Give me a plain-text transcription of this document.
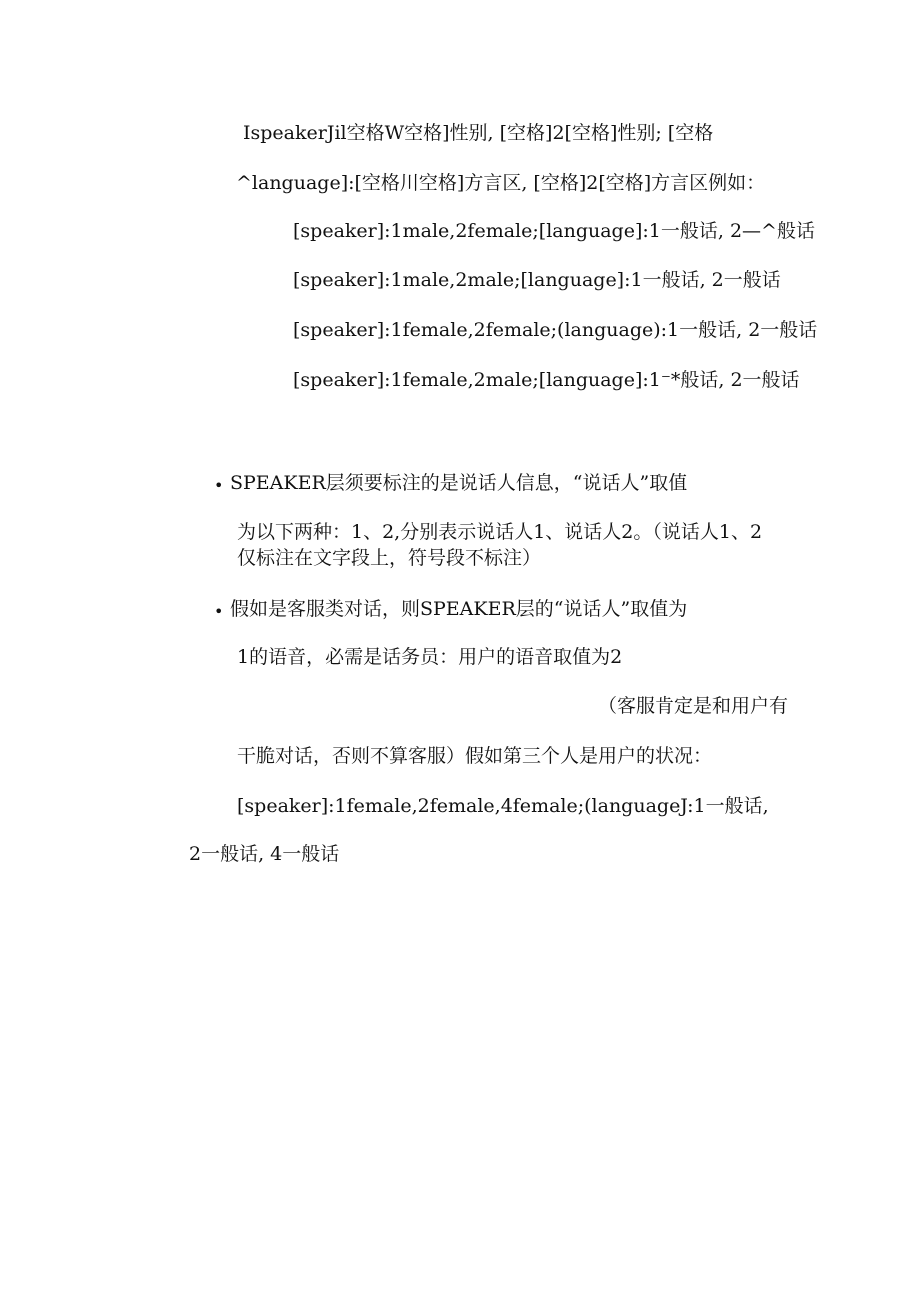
IspeakerJil空格W空格]性别, [空格]2[空格]性别; [空格
^language]:[空格川空格]方言区, [空格]2[空格]方言区例如：
[speaker]:1male,2female;[language]:1一般话, 2—^般话
[speaker]:1male,2male;[language]:1一般话, 2一般话
[speaker]:1female,2female;(language):1一般话, 2一般话
[speaker]:1female,2male;[language]:1⁻*般话, 2一般话
• SPEAKER层须要标注的是说话人信息，“说话人”取值
为以下两种：1、2,分别表示说话人1、说话人2。（说话人1、2
仅标注在文字段上，符号段不标注）
• 假如是客服类对话，则SPEAKER层的“说话人”取值为
1的语音，必需是话务员：用户的语音取值为2
（客服肯定是和用户有
干脆对话，否则不算客服）假如第三个人是用户的状况：
[speaker]:1female,2female,4female;(languageJ:1一般话,
2一般话, 4一般话
